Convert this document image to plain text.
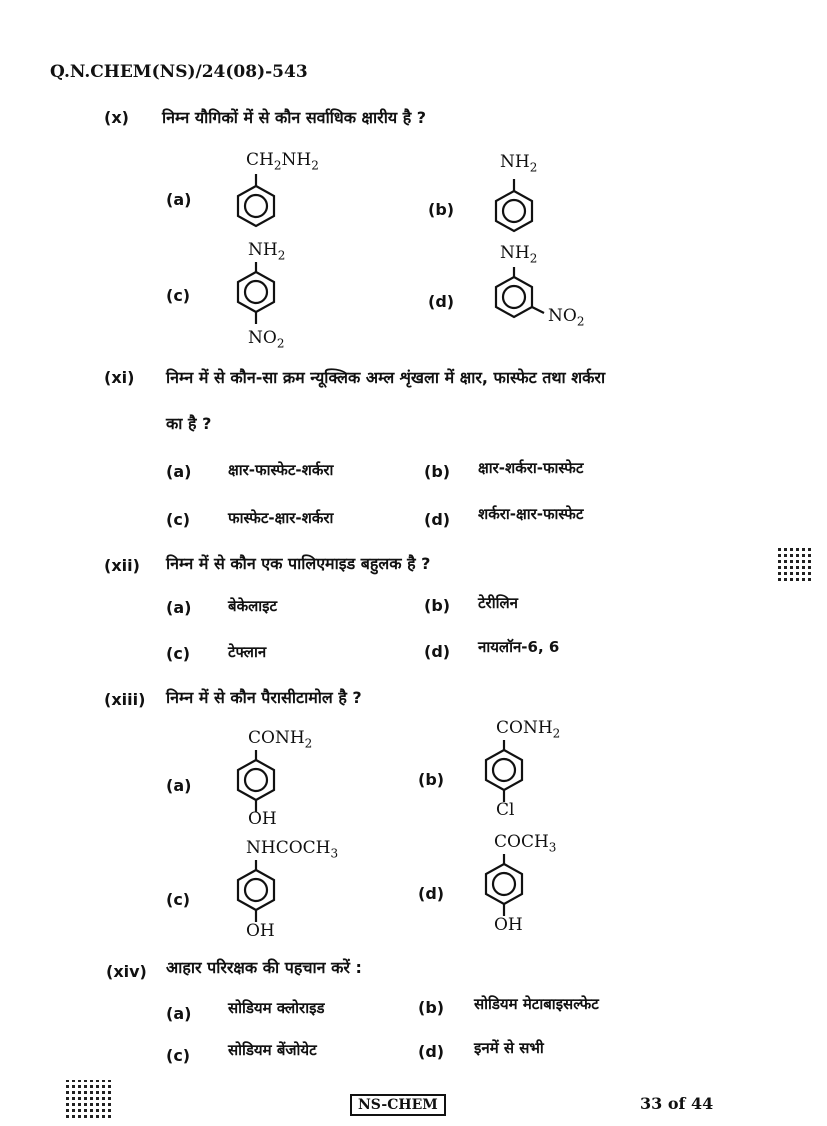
Q.N.CHEM(NS)/24(08)-543
(x) निम्न यौगिकों में से कौन सर्वाधिक क्षारीय है ?
(a)
$CH_2NH_2$
(b)
$NH_2$
(c)
$NH_2$
$NO_2$
(d)
$NH_2$
$NO_2$
(xi) निम्न में से कौन-सा क्रम न्यूक्लिक अम्ल शृंखला में क्षार, फास्फेट तथा शर्करा
का है ?
(a) क्षार-फास्फेट-शर्करा	(b) क्षार-शर्करा-फास्फेट
(c)	फास्फेट-क्षार-शर्करा	(d) शर्करा-क्षार-फास्फेट
(xii) निम्न में से कौन एक पालिएमाइड बहुलक है ?
(a) बेकेलाइट	(b) टेरीलिन
(c)	टेफ्लान	(d) नायलॉन-6, 6
(xiii) निम्न में से कौन पैरासीटामोल है ?
(a)
$CONH_2$
OH
(b)
$CONH_2$
Cl
(c)
$NHCOCH_3$
OH
(d)
$COCH_3$
OH
(xiv) आहार परिरक्षक की पहचान करें :
(a) सोडियम क्लोराइड	(b) सोडियम मेटाबाइसल्फेट
(c)	सोडियम बेंजोयेट	(d) इनमें से सभी
NS-CHEM	33 of 44
